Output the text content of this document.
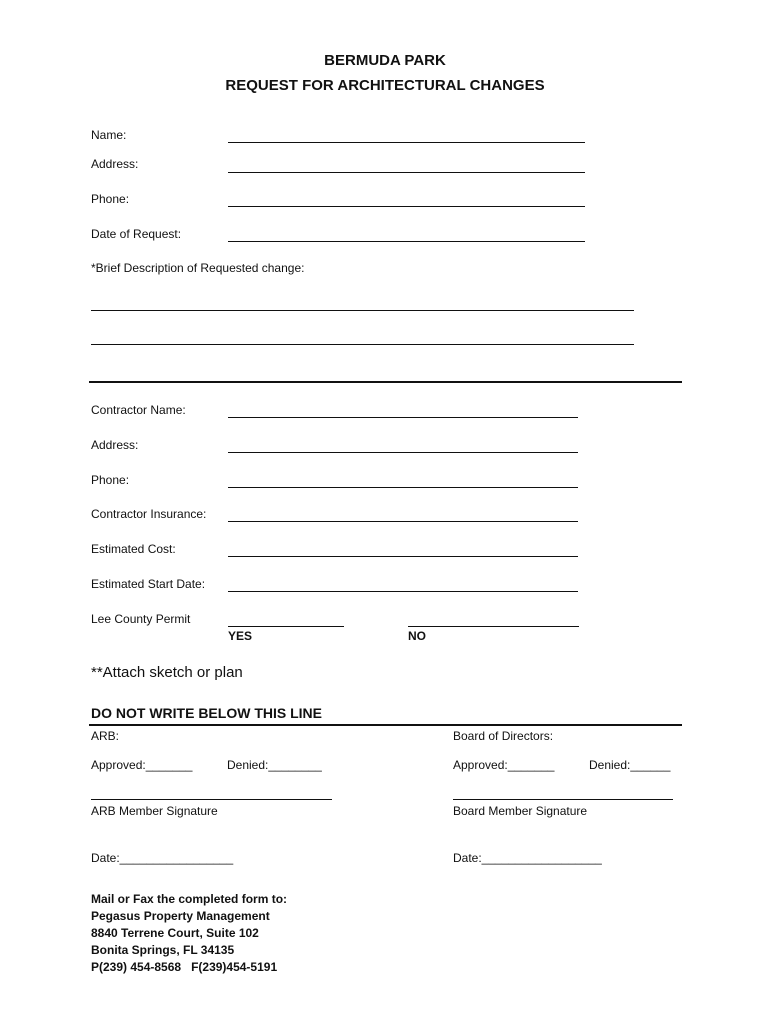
BERMUDA PARK
REQUEST FOR ARCHITECTURAL CHANGES
Name:
Address:
Phone:
Date of Request:
*Brief Description of Requested change:
Contractor Name:
Address:
Phone:
Contractor Insurance:
Estimated Cost:
Estimated Start Date:
Lee County Permit
YES	NO
**Attach sketch or plan
DO NOT WRITE BELOW THIS LINE
ARB:
Approved:_______	Denied:________
ARB Member Signature
Date:_________________
Board of Directors:
Approved:_______	Denied:______
Board Member Signature
Date:__________________
Mail or Fax the completed form to:
Pegasus Property Management
8840 Terrene Court, Suite 102
Bonita Springs, FL 34135
P(239) 454-8568   F(239)454-5191
